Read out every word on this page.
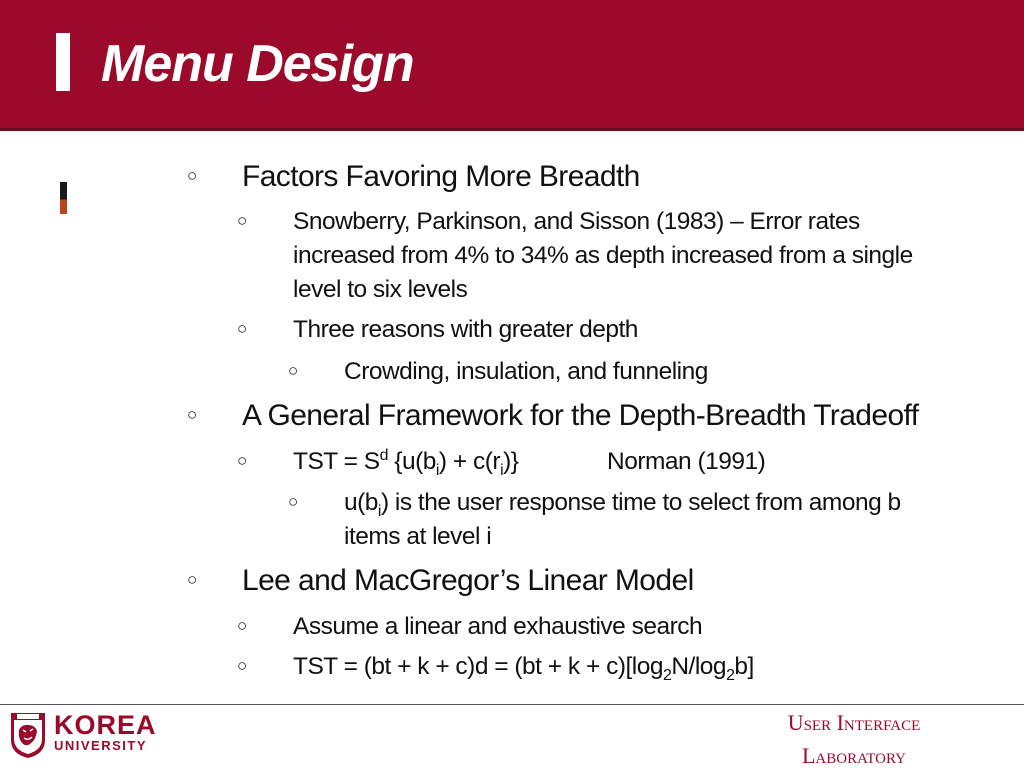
Menu Design
○ Factors Favoring More Breadth
○ Snowberry, Parkinson, and Sisson (1983) – Error rates
increased from 4% to 34% as depth increased from a single
level to six levels
○ Three reasons with greater depth
○ Crowding, insulation, and funneling
○ A General Framework for the Depth-Breadth Tradeoff
○ TST = $S^d$ $\{u(b_i) + c(r_i)\}$	Norman (1991)
○ $u(b_i)$ is the user response time to select from among b
items at level i
○ Lee and MacGregor’s Linear Model
○ Assume a linear and exhaustive search
○ TST = $(bt + k + c)d = (bt + k + c)[\log_2N/\log_2b]$
KOREA
UNIVERSITY
User Interface
Laboratory
